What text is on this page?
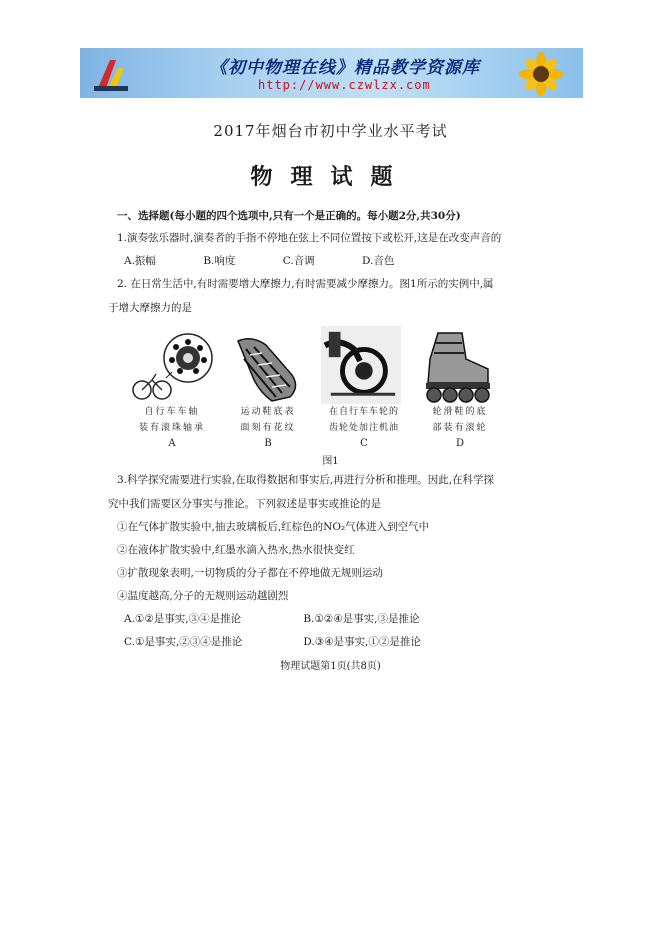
《初中物理在线》精品教学资源库
http://www.czwlzx.com
2017年烟台市初中学业水平考试
物理试题
一、选择题(每小题的四个选项中,只有一个是正确的。每小题2分,共30分)
1.演奏弦乐器时,演奏者的手指不停地在弦上不同位置按下或松开,这是在改变声音的
A.振幅	B.响度	C.音调	D.音色
2. 在日常生活中,有时需要增大摩擦力,有时需要减少摩擦力。图1所示的实例中,属
于增大摩擦力的是
自行车车轴
装有滚珠轴承
A
运动鞋底表
面刻有花纹
B
在自行车车轮的
齿轮处加注机油
C
轮滑鞋的底
部装有滚轮
D
图1
3.科学探究需要进行实验,在取得数据和事实后,再进行分析和推理。因此,在科学探
究中我们需要区分事实与推论。下列叙述是事实或推论的是
①在气体扩散实验中,抽去玻璃板后,红棕色的NO₂气体进入到空气中
②在液体扩散实验中,红墨水滴入热水,热水很快变红
③扩散现象表明,一切物质的分子都在不停地做无规则运动
④温度越高,分子的无规则运动越剧烈
A.①②是事实,③④是推论	B.①②④是事实,③是推论
C.①是事实,②③④是推论	D.③④是事实,①②是推论
物理试题第1页(共8页)
